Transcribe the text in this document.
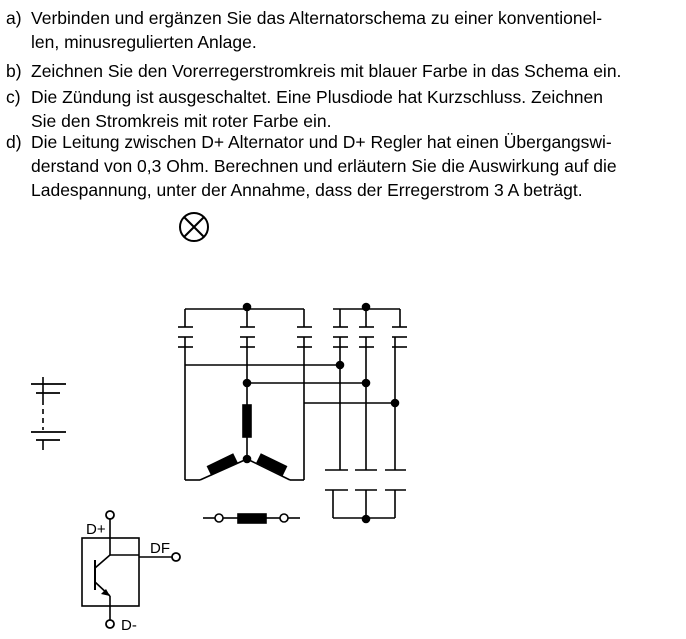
a) Verbinden und ergänzen Sie das Alternatorschema zu einer konventionel-
len, minusregulierten Anlage.
b) Zeichnen Sie den Vorerregerstromkreis mit blauer Farbe in das Schema ein.
c) Die Zündung ist ausgeschaltet. Eine Plusdiode hat Kurzschluss. Zeichnen
Sie den Stromkreis mit roter Farbe ein.
d) Die Leitung zwischen D+ Alternator und D+ Regler hat einen Übergangswi-
derstand von 0,3 Ohm. Berechnen und erläutern Sie die Auswirkung auf die
Ladespannung, unter der Annahme, dass der Erregerstrom 3 A beträgt.
D+
DF
D-
